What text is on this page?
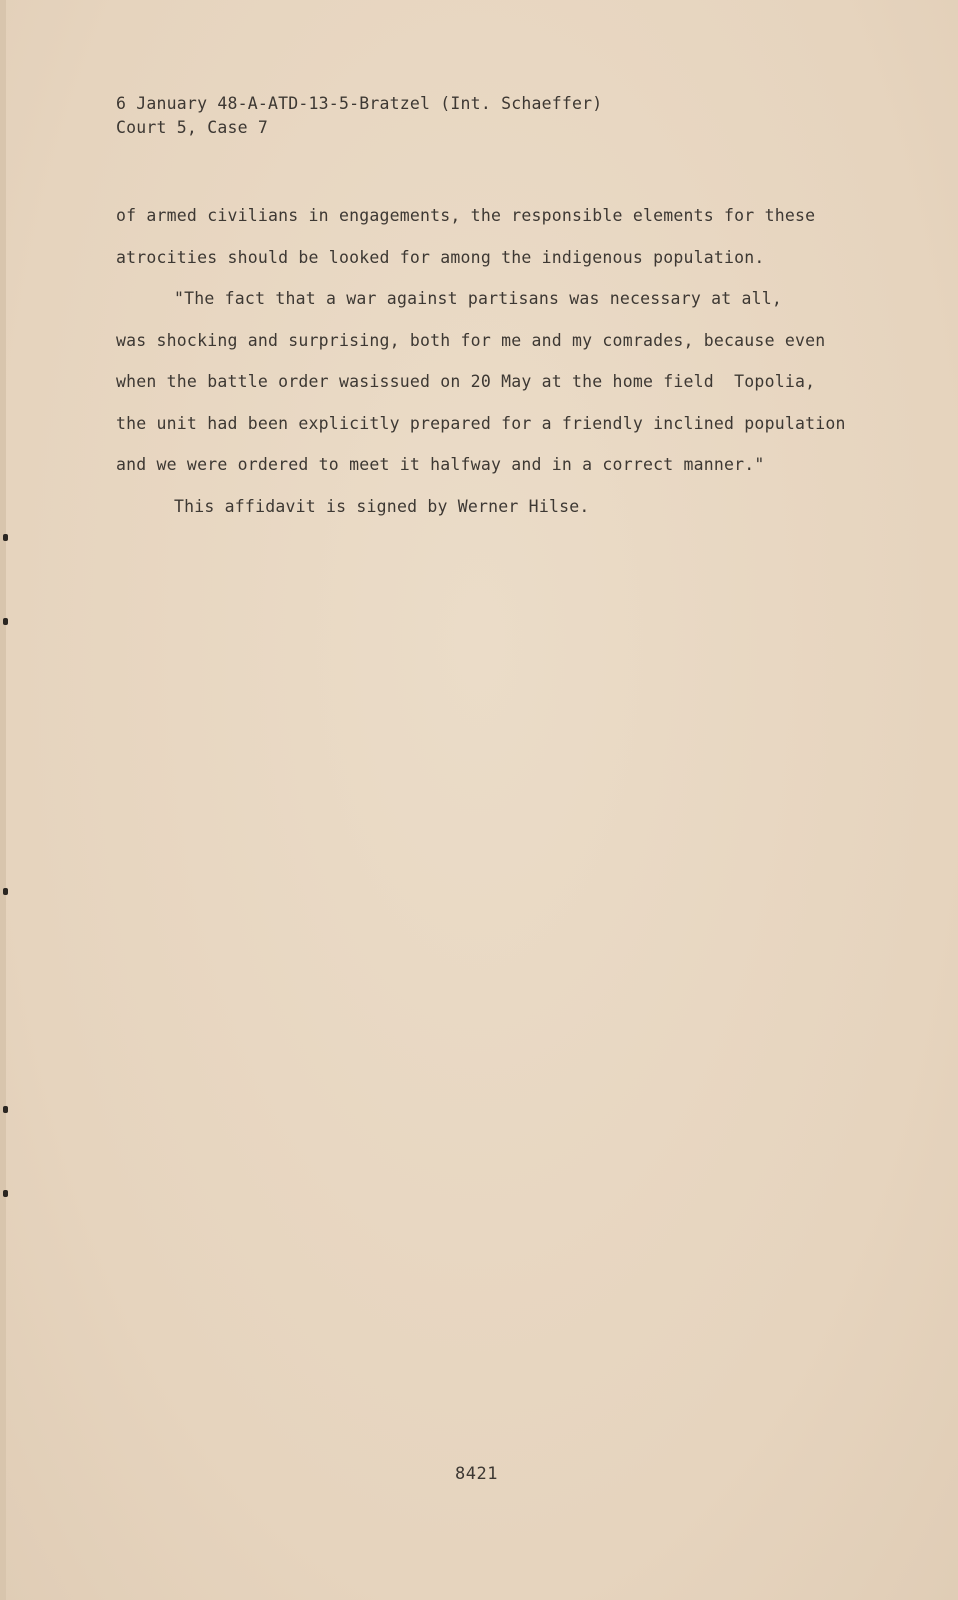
6 January 48-A-ATD-13-5-Bratzel (Int. Schaeffer)
Court 5, Case 7
of armed civilians in engagements, the responsible elements for these
atrocities should be looked for among the indigenous population.
"The fact that a war against partisans was necessary at all,
was shocking and surprising, both for me and my comrades, because even
when the battle order wasissued on 20 May at the home field  Topolia,
the unit had been explicitly prepared for a friendly inclined population
and we were ordered to meet it halfway and in a correct manner."
This affidavit is signed by Werner Hilse.
8421
